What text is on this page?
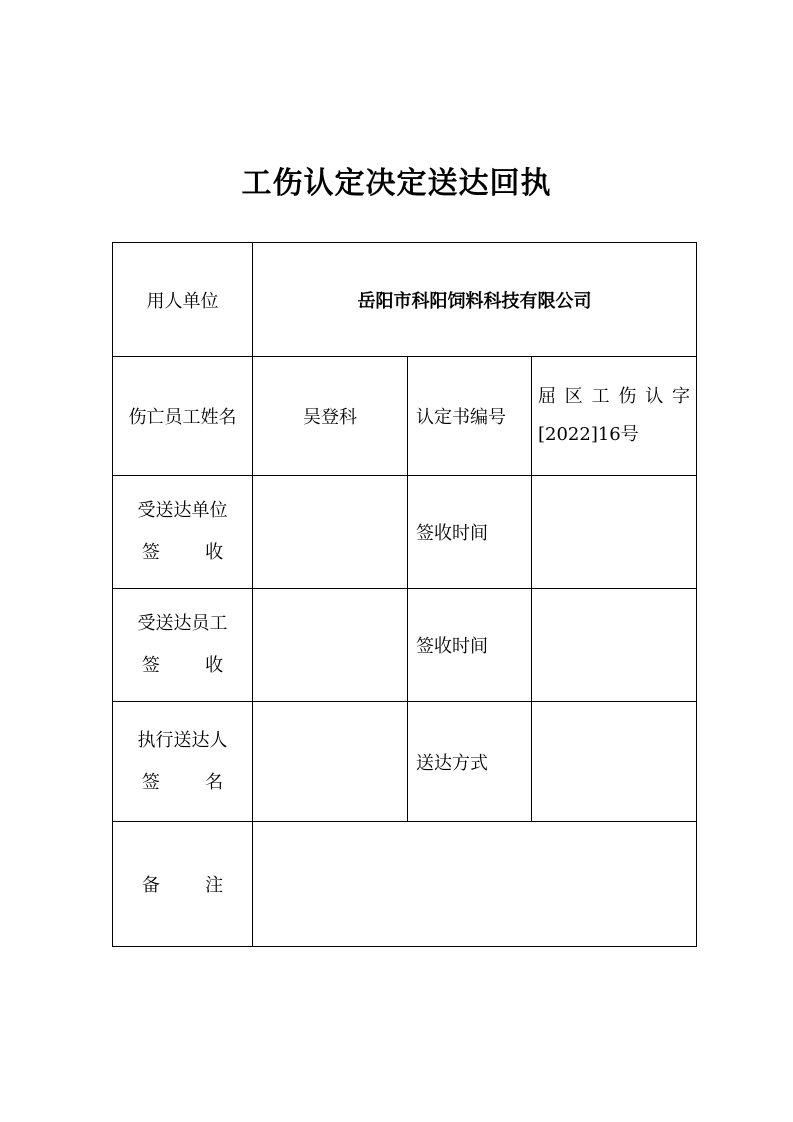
工伤认定决定送达回执
用人单位	岳阳市科阳饲料科技有限公司		
伤亡员工姓名	吴登科	认定书编号	屈区工伤认字
[2022]16号

受送达单位
签 收		签收时间	

受送达员工
签 收		签收时间	

执行送达人
签 名		送达方式	
备 注			
